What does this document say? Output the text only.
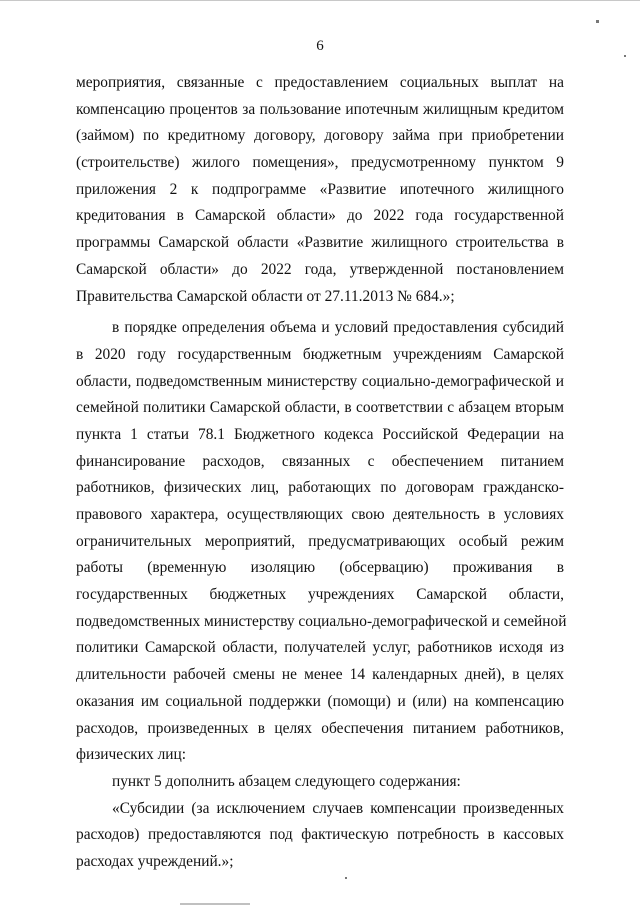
6
мероприятия, связанные с предоставлением социальных выплат на
компенсацию процентов за пользование ипотечным жилищным кредитом
(займом) по кредитному договору, договору займа при приобретении
(строительстве) жилого помещения», предусмотренному пунктом 9
приложения 2 к подпрограмме «Развитие ипотечного жилищного
кредитования в Самарской области» до 2022 года государственной
программы Самарской области «Развитие жилищного строительства в
Самарской области» до 2022 года, утвержденной постановлением
Правительства Самарской области от 27.11.2013 № 684.»;
в порядке определения объема и условий предоставления субсидий
в 2020 году государственным бюджетным учреждениям Самарской
области, подведомственным министерству социально-демографической и
семейной политики Самарской области, в соответствии с абзацем вторым
пункта 1 статьи 78.1 Бюджетного кодекса Российской Федерации на
финансирование расходов, связанных с обеспечением питанием
работников, физических лиц, работающих по договорам гражданско-
правового характера, осуществляющих свою деятельность в условиях
ограничительных мероприятий, предусматривающих особый режим
работы (временную изоляцию (обсервацию) проживания в
государственных бюджетных учреждениях Самарской области,
подведомственных министерству социально-демографической и семейной
политики Самарской области, получателей услуг, работников исходя из
длительности рабочей смены не менее 14 календарных дней), в целях
оказания им социальной поддержки (помощи) и (или) на компенсацию
расходов, произведенных в целях обеспечения питанием работников,
физических лиц:
пункт 5 дополнить абзацем следующего содержания:
«Субсидии (за исключением случаев компенсации произведенных
расходов) предоставляются под фактическую потребность в кассовых
расходах учреждений.»;
